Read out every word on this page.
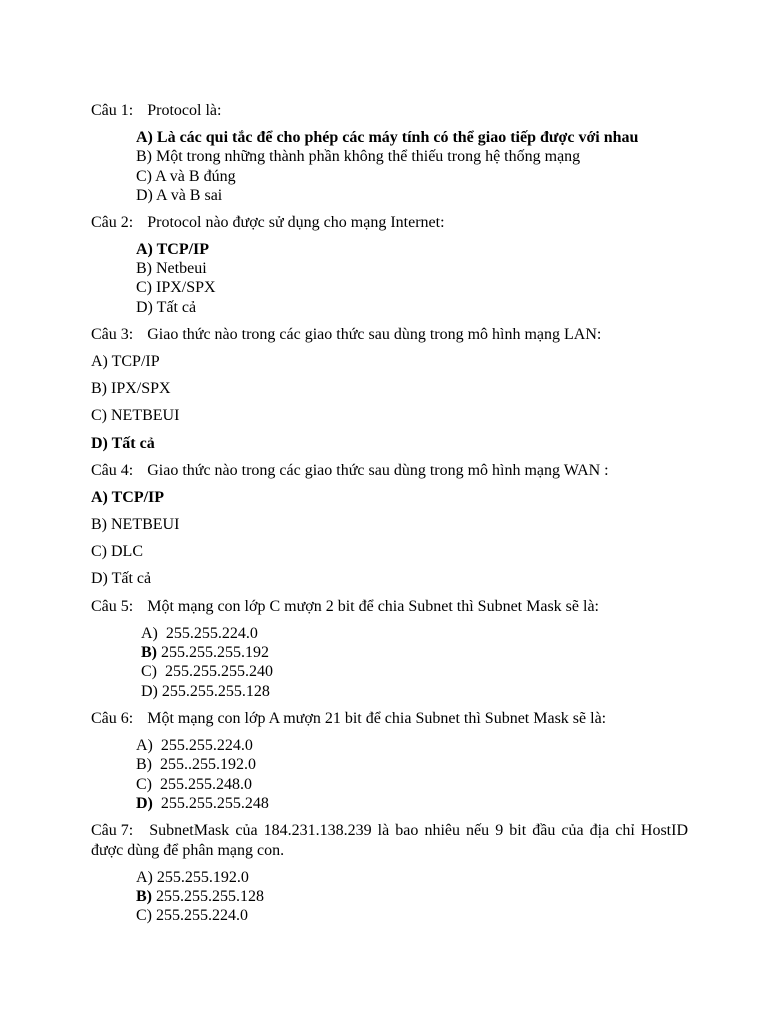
Câu 1: Protocol là:
A) Là các qui tắc để cho phép các máy tính có thể giao tiếp được với nhau
B) Một trong những thành phần không thể thiếu trong hệ thống mạng
C) A và B đúng
D) A và B sai
Câu 2: Protocol nào được sử dụng cho mạng Internet:
A) TCP/IP
B) Netbeui
C) IPX/SPX
D) Tất cả
Câu 3: Giao thức nào trong các giao thức sau dùng trong mô hình mạng LAN:
A) TCP/IP
B) IPX/SPX
C) NETBEUI
D) Tất cả
Câu 4: Giao thức nào trong các giao thức sau dùng trong mô hình mạng WAN :
A) TCP/IP
B) NETBEUI
C) DLC
D) Tất cả
Câu 5: Một mạng con lớp C mượn 2 bit để chia Subnet thì Subnet Mask sẽ là:
A) 255.255.224.0
B) 255.255.255.192
C) 255.255.255.240
D) 255.255.255.128
Câu 6: Một mạng con lớp A mượn 21 bit để chia Subnet thì Subnet Mask sẽ là:
A) 255.255.224.0
B) 255..255.192.0
C) 255.255.248.0
D) 255.255.255.248
Câu 7: SubnetMask của 184.231.138.239 là bao nhiêu nếu 9 bit đầu của địa chỉ HostID được dùng để phân mạng con.
A) 255.255.192.0
B) 255.255.255.128
C) 255.255.224.0
